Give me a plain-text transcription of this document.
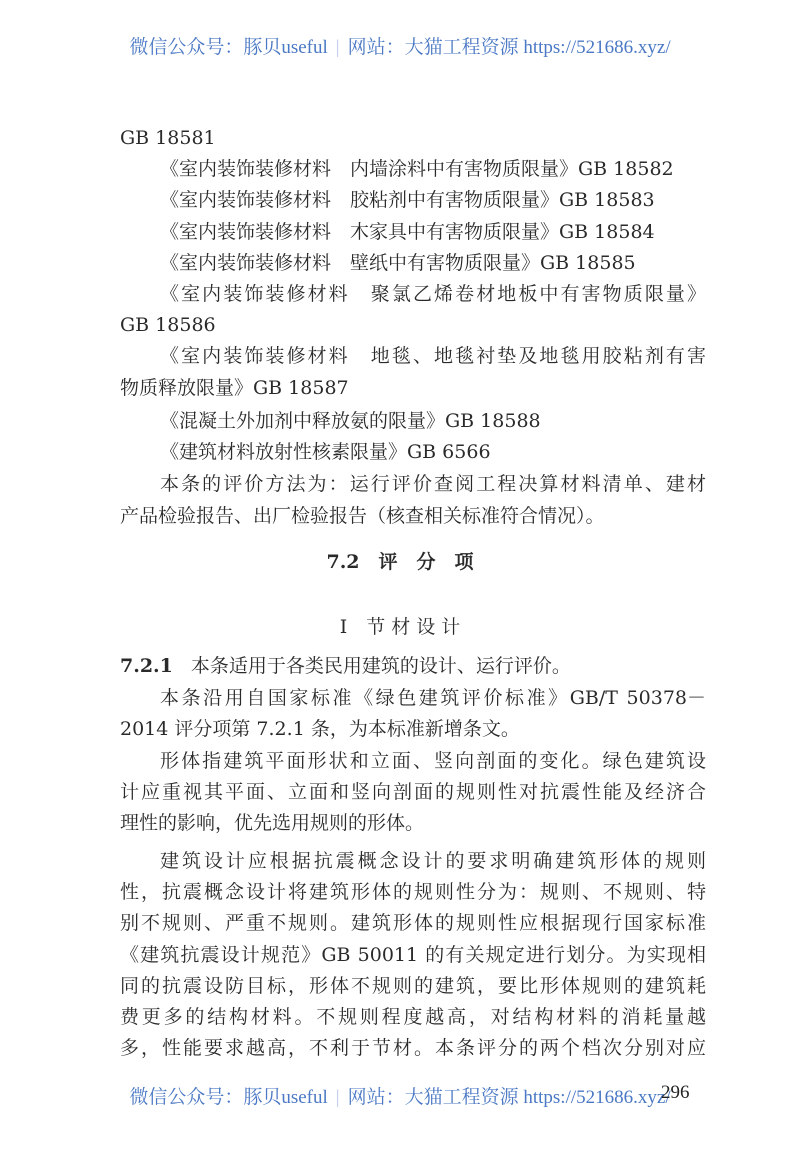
微信公众号：豚贝useful | 网站：大猫工程资源 https://521686.xyz/
GB 18581
《室内装饰装修材料　内墙涂料中有害物质限量》GB 18582
《室内装饰装修材料　胶粘剂中有害物质限量》GB 18583
《室内装饰装修材料　木家具中有害物质限量》GB 18584
《室内装饰装修材料　壁纸中有害物质限量》GB 18585
《室内装饰装修材料　聚氯乙烯卷材地板中有害物质限量》
GB 18586
《室内装饰装修材料　地毯、地毯衬垫及地毯用胶粘剂有害
物质释放限量》GB 18587
《混凝土外加剂中释放氨的限量》GB 18588
《建筑材料放射性核素限量》GB 6566
本条的评价方法为：运行评价查阅工程决算材料清单、建材
产品检验报告、出厂检验报告（核查相关标准符合情况）。
7.2　评　分　项
Ⅰ　节 材 设 计
7.2.1 本条适用于各类民用建筑的设计、运行评价。
本条沿用自国家标准《绿色建筑评价标准》GB/T 50378－
2014 评分项第 7.2.1 条，为本标准新增条文。
形体指建筑平面形状和立面、竖向剖面的变化。绿色建筑设
计应重视其平面、立面和竖向剖面的规则性对抗震性能及经济合
理性的影响，优先选用规则的形体。
建筑设计应根据抗震概念设计的要求明确建筑形体的规则
性，抗震概念设计将建筑形体的规则性分为：规则、不规则、特
别不规则、严重不规则。建筑形体的规则性应根据现行国家标准
《建筑抗震设计规范》GB 50011 的有关规定进行划分。为实现相
同的抗震设防目标，形体不规则的建筑，要比形体规则的建筑耗
费更多的结构材料。不规则程度越高，对结构材料的消耗量越
多，性能要求越高，不利于节材。本条评分的两个档次分别对应
微信公众号：豚贝useful | 网站：大猫工程资源 https://521686.xyz/
296
